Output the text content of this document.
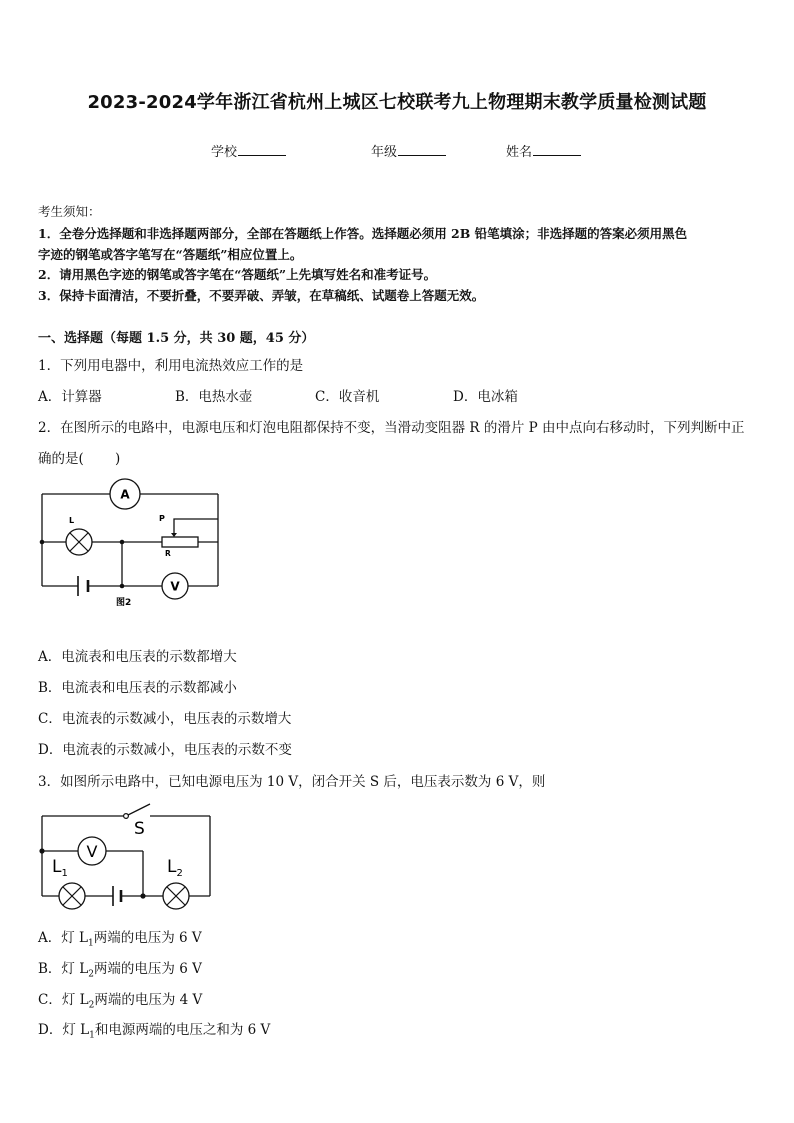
2023-2024学年浙江省杭州上城区七校联考九上物理期末教学质量检测试题
学校	年级	姓名
考生须知：
1．全卷分选择题和非选择题两部分，全部在答题纸上作答。选择题必须用 2B 铅笔填涂；非选择题的答案必须用黑色
字迹的钢笔或答字笔写在“答题纸”相应位置上。
2．请用黑色字迹的钢笔或答字笔在“答题纸”上先填写姓名和准考证号。
3．保持卡面清洁，不要折叠，不要弄破、弄皱，在草稿纸、试题卷上答题无效。
一、选择题（每题 1.5 分，共 30 题，45 分）
1．下列用电器中，利用电流热效应工作的是
A．计算器	B．电热水壶	C．收音机	D．电冰箱
2．在图所示的电路中，电源电压和灯泡电阻都保持不变，当滑动变阻器 R 的滑片 P 由中点向右移动时，下列判断中正
确的是(　　 )
A
V
L	P
R
图2
A．电流表和电压表的示数都增大
B．电流表和电压表的示数都减小
C．电流表的示数减小，电压表的示数增大
D．电流表的示数减小，电压表的示数不变
3．如图所示电路中，已知电源电压为 10 V，闭合开关 S 后，电压表示数为 6 V，则
S
V
$L_1$	$L_2$
A．灯 $L_1$两端的电压为 6 V
B．灯 $L_2$两端的电压为 6 V
C．灯 $L_2$两端的电压为 4 V
D．灯 $L_1$和电源两端的电压之和为 6 V
